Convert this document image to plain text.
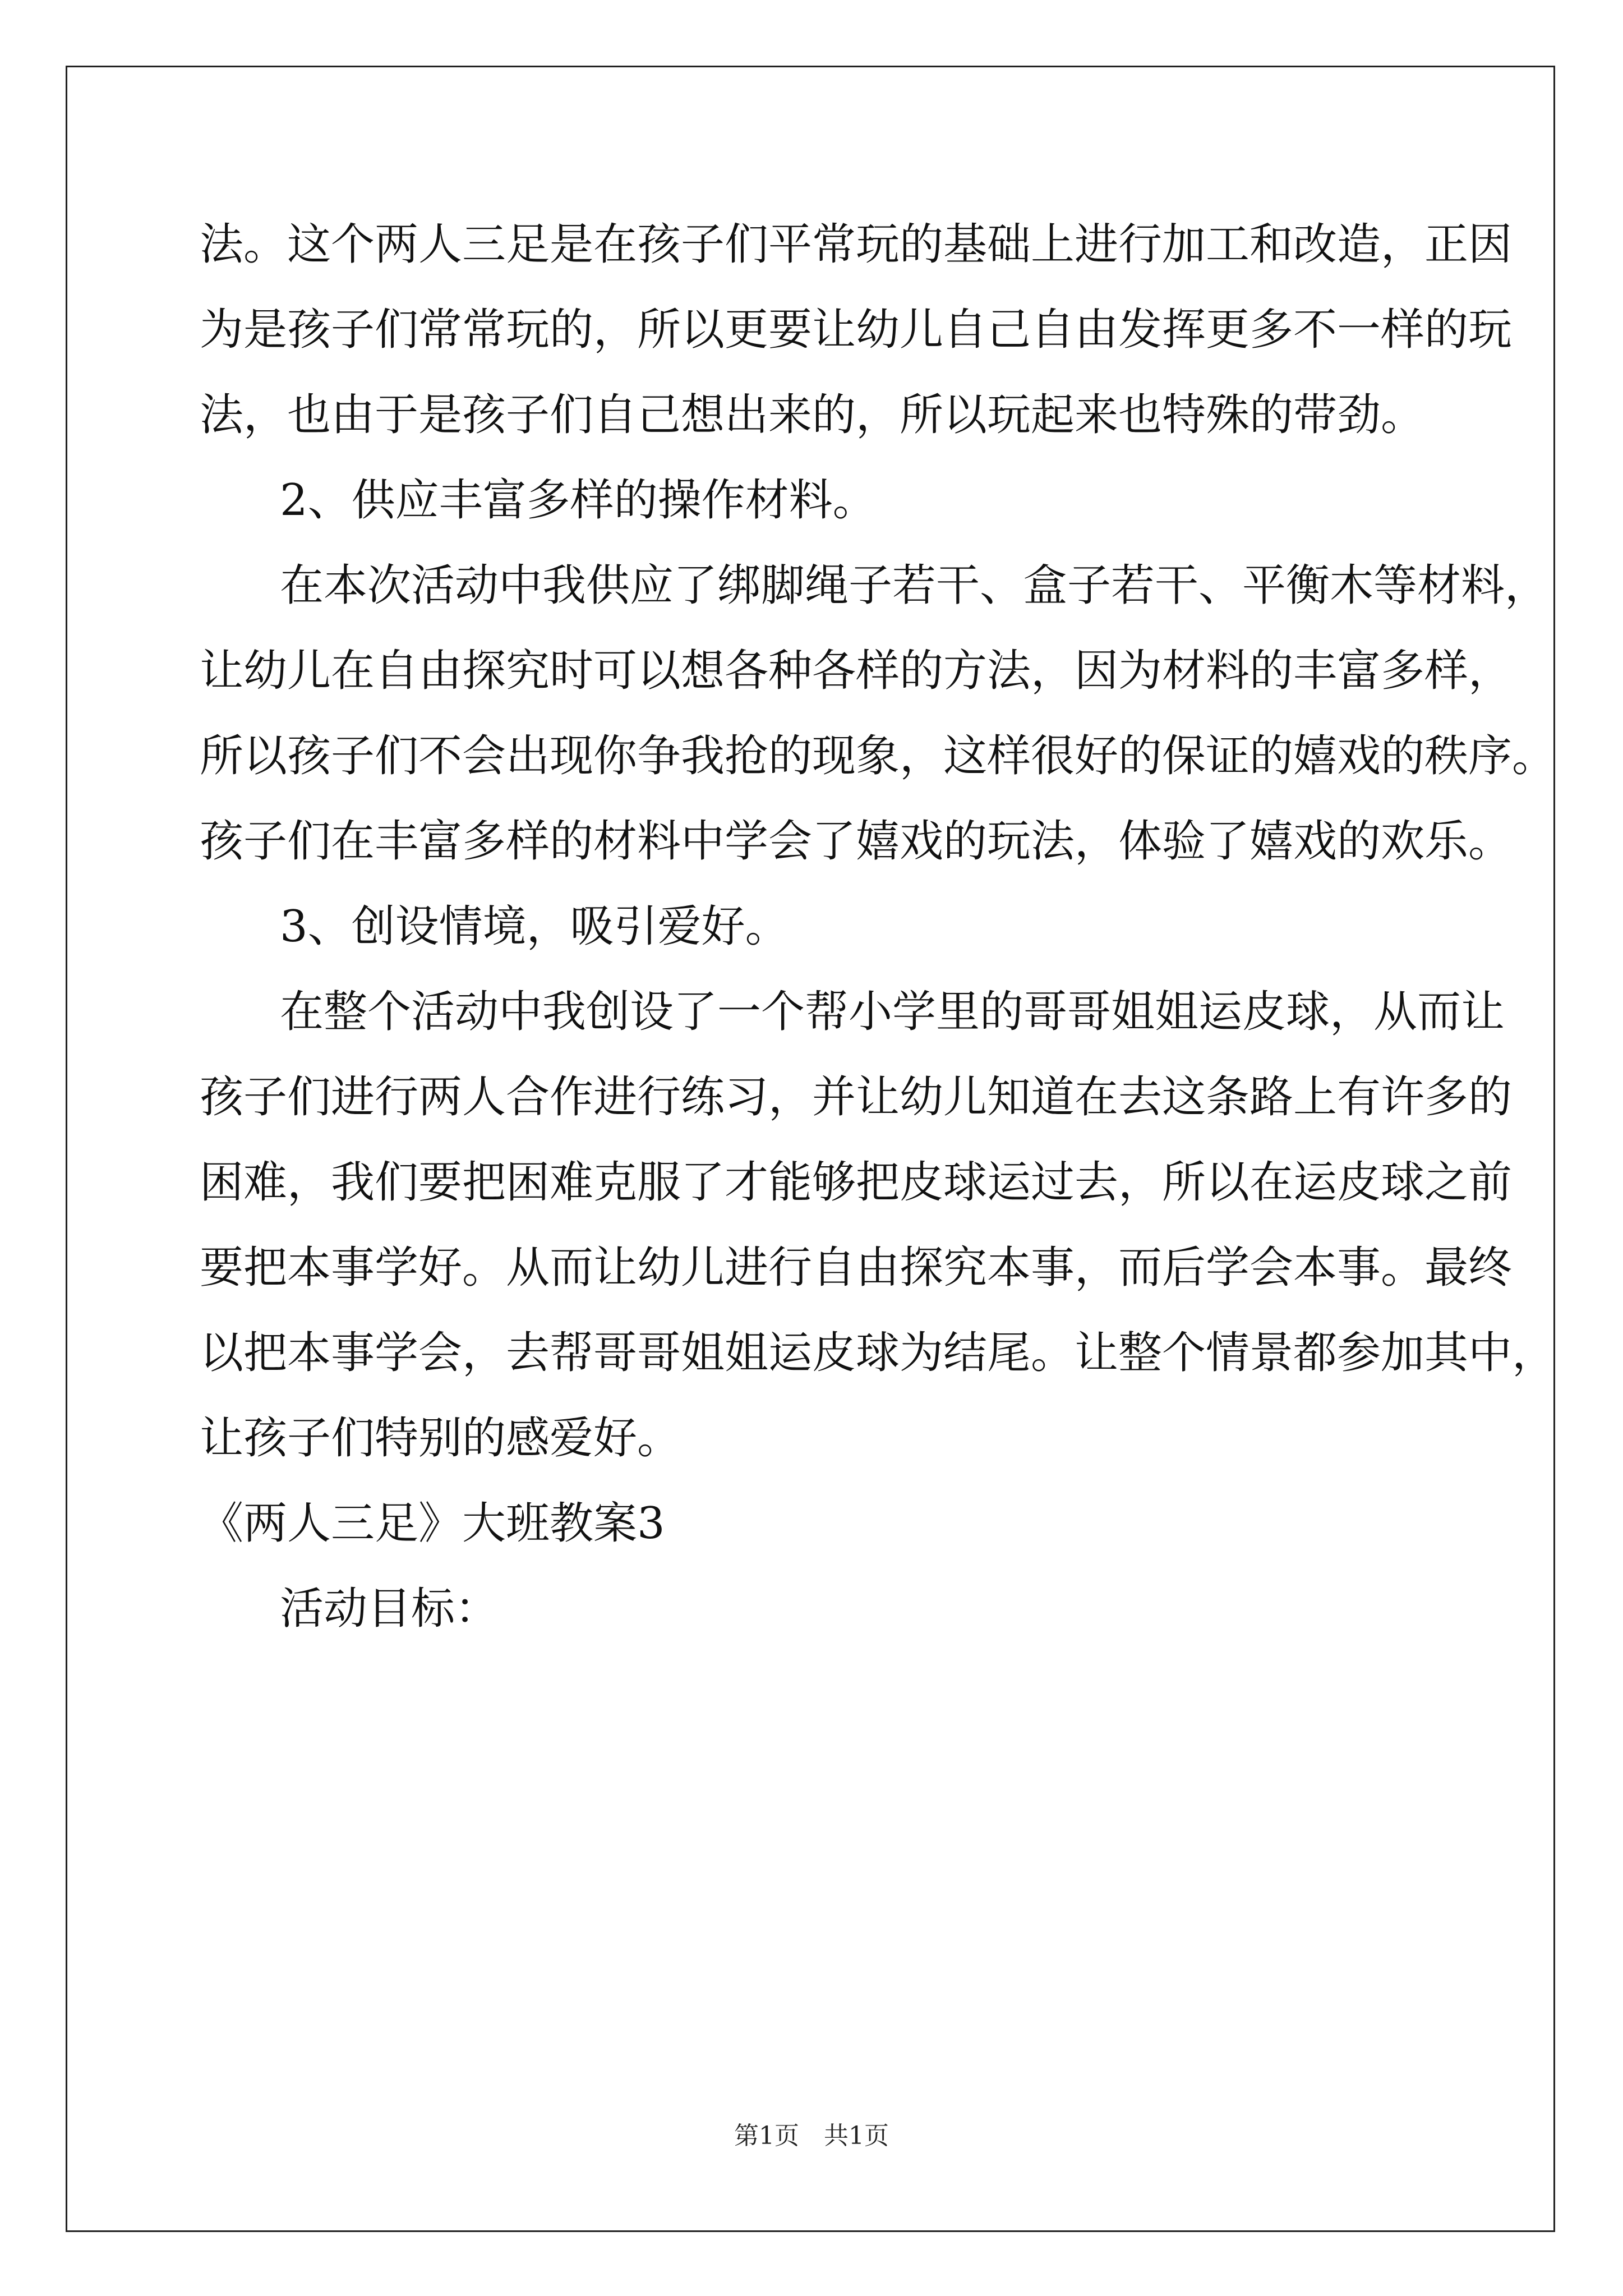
法。这个两人三足是在孩子们平常玩的基础上进行加工和改造，正因
为是孩子们常常玩的，所以更要让幼儿自己自由发挥更多不一样的玩
法，也由于是孩子们自己想出来的，所以玩起来也特殊的带劲。
2、供应丰富多样的操作材料。
在本次活动中我供应了绑脚绳子若干、盒子若干、平衡木等材料，
让幼儿在自由探究时可以想各种各样的方法，因为材料的丰富多样，
所以孩子们不会出现你争我抢的现象，这样很好的保证的嬉戏的秩序。
孩子们在丰富多样的材料中学会了嬉戏的玩法，体验了嬉戏的欢乐。
3、创设情境，吸引爱好。
在整个活动中我创设了一个帮小学里的哥哥姐姐运皮球，从而让
孩子们进行两人合作进行练习，并让幼儿知道在去这条路上有许多的
困难，我们要把困难克服了才能够把皮球运过去，所以在运皮球之前
要把本事学好。从而让幼儿进行自由探究本事，而后学会本事。最终
以把本事学会，去帮哥哥姐姐运皮球为结尾。让整个情景都参加其中，
让孩子们特别的感爱好。
《两人三足》大班教案3
活动目标：
第1页　共1页
